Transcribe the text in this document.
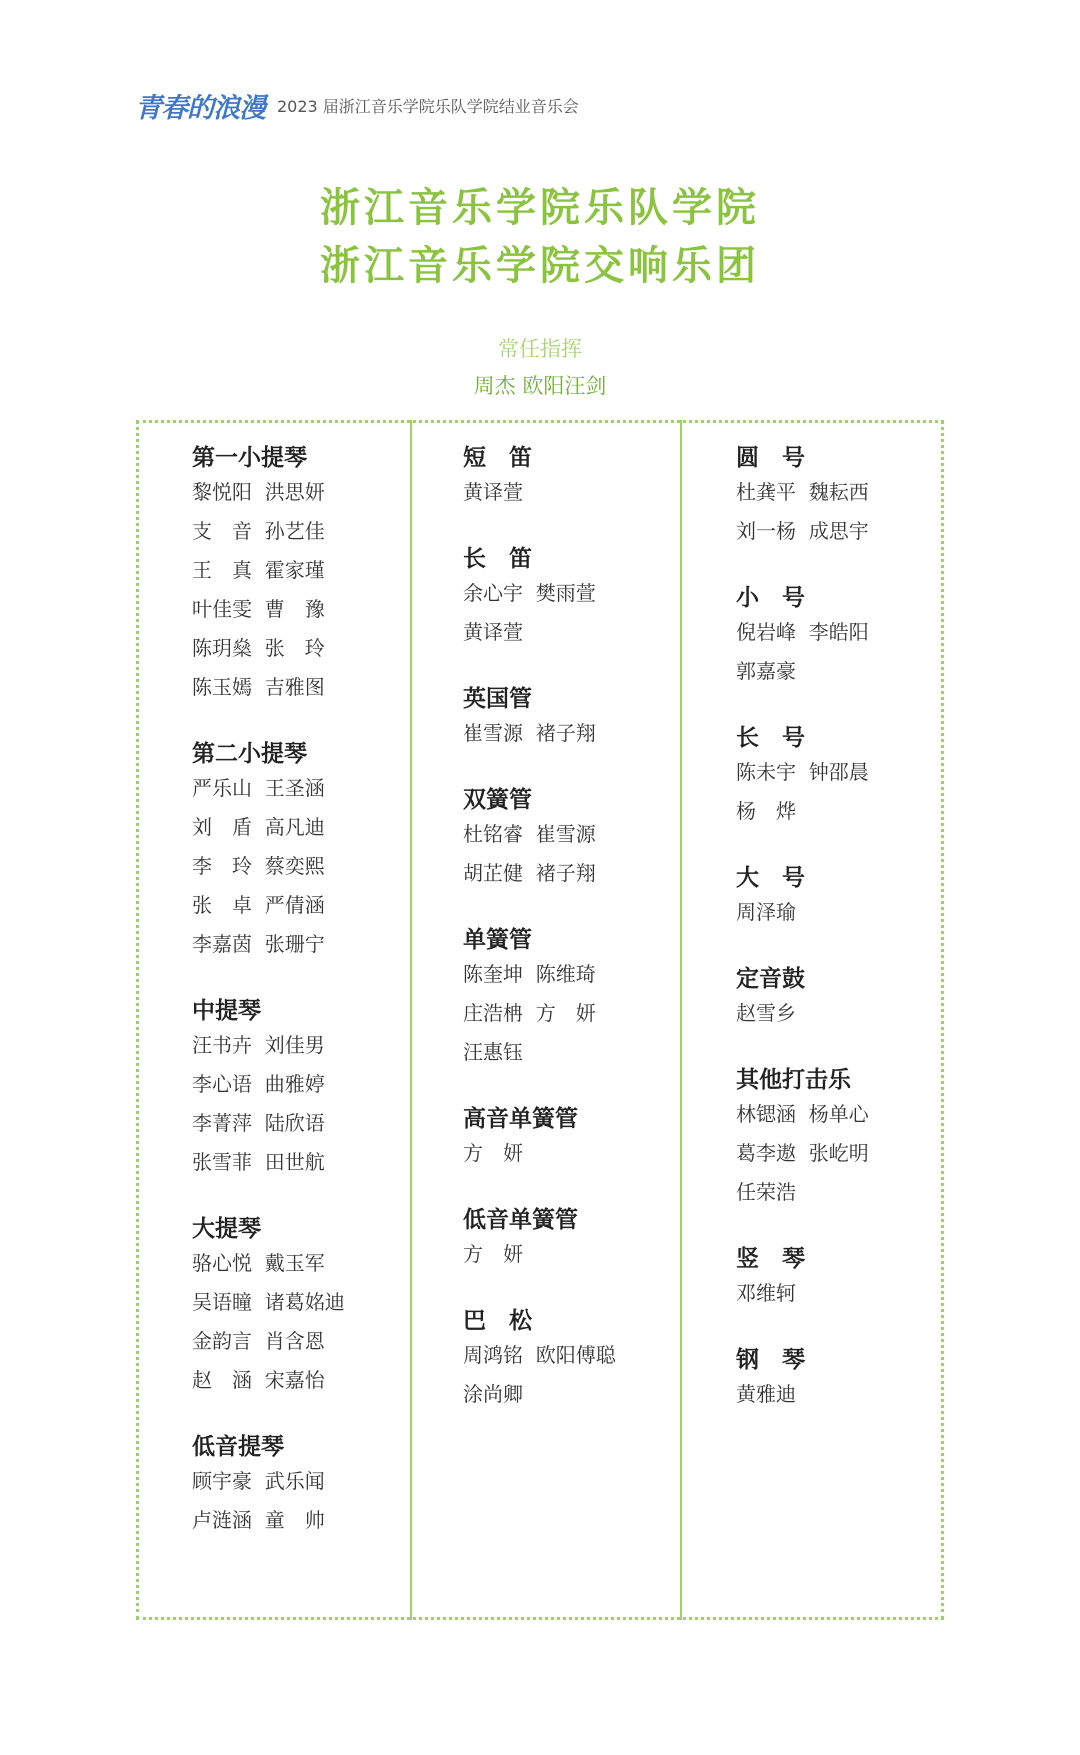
青春的浪漫 2023 届浙江音乐学院乐队学院结业音乐会
浙江音乐学院乐队学院
浙江音乐学院交响乐团
常任指挥
周杰 欧阳汪剑
第一小提琴
黎悦阳  洪思妍
支　音  孙艺佳
王　真  霍家瑾
叶佳雯  曹　豫
陈玥燊  张　玲
陈玉嫣  吉雅图
第二小提琴
严乐山  王圣涵
刘　盾  高凡迪
李　玲  蔡奕熙
张　卓  严倩涵
李嘉茵  张珊宁
中提琴
汪书卉  刘佳男
李心语  曲雅婷
李菁萍  陆欣语
张雪菲  田世航
大提琴
骆心悦  戴玉军
吴语瞳  诸葛姳迪
金韵言  肖含恩
赵　涵  宋嘉怡
低音提琴
顾宇豪  武乐闻
卢涟涵  童　帅
短　笛
黄译萱
长　笛
余心宇  樊雨萱
黄译萱
英国管
崔雪源  褚子翔
双簧管
杜铭睿  崔雪源
胡芷健  褚子翔
单簧管
陈奎坤  陈维琦
庄浩柟  方　妍
汪惠钰
高音单簧管
方　妍
低音单簧管
方　妍
巴　松
周鸿铭  欧阳傅聪
涂尚卿
圆　号
杜龚平  魏耘西
刘一杨  成思宇
小　号
倪岩峰  李皓阳
郭嘉豪
长　号
陈未宇  钟邵晨
杨　烨
大　号
周泽瑜
定音鼓
赵雪乡
其他打击乐
林锶涵  杨单心
葛李遨  张屹明
任荣浩
竖　琴
邓维轲
钢　琴
黄雅迪
